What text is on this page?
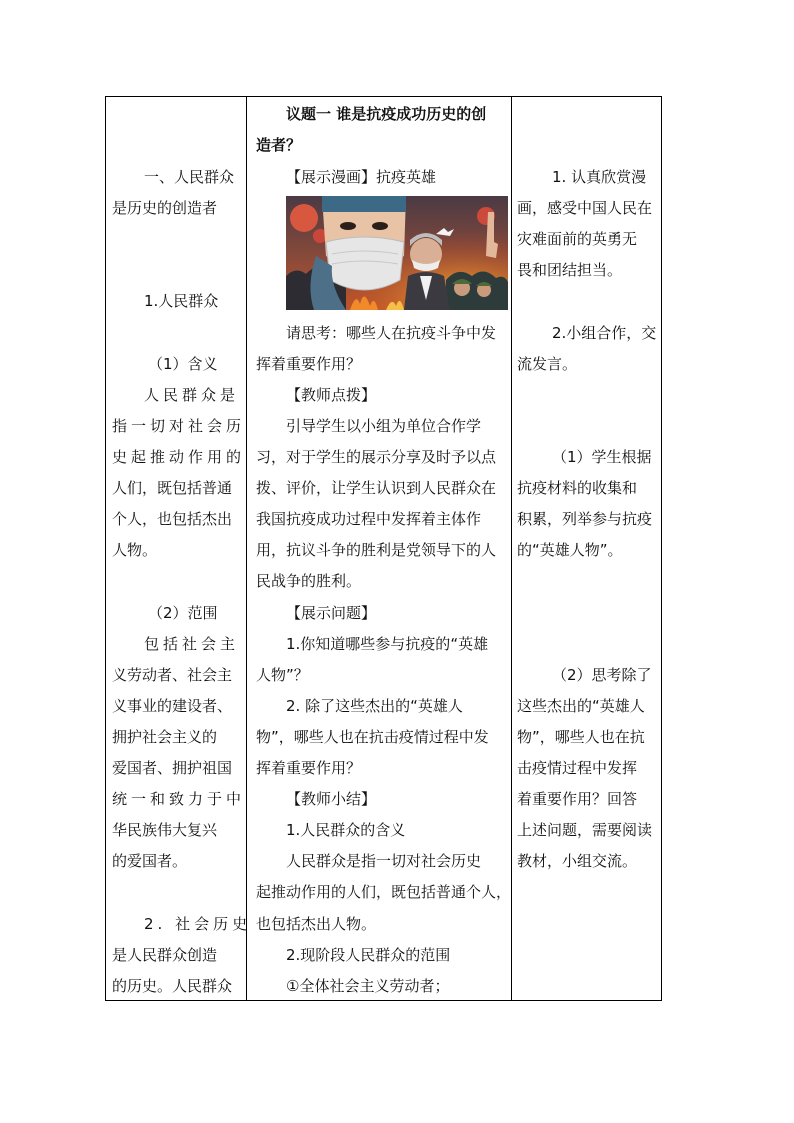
一、人民群众
是历史的创造者
1.人民群众
（1）含义
人民群众是
指一切对社会历
史起推动作用的
人们，既包括普通
个人，也包括杰出
人物。
（2）范围
包括社会主
义劳动者、社会主
义事业的建设者、
拥护社会主义的
爱国者、拥护祖国
统一和致力于中
华民族伟大复兴
的爱国者。
2. 社会历史
是人民群众创造
的历史。人民群众
议题一 谁是抗疫成功历史的创
造者？
【展示漫画】抗疫英雄
请思考：哪些人在抗疫斗争中发
挥着重要作用？
【教师点拨】
引导学生以小组为单位合作学
习，对于学生的展示分享及时予以点
拨、评价，让学生认识到人民群众在
我国抗疫成功过程中发挥着主体作
用，抗议斗争的胜利是党领导下的人
民战争的胜利。
【展示问题】
1.你知道哪些参与抗疫的“英雄
人物”？
2. 除了这些杰出的“英雄人
物”，哪些人也在抗击疫情过程中发
挥着重要作用？
【教师小结】
1.人民群众的含义
人民群众是指一切对社会历史
起推动作用的人们，既包括普通个人，
也包括杰出人物。
2.现阶段人民群众的范围
①全体社会主义劳动者；
1. 认真欣赏漫
画，感受中国人民在
灾难面前的英勇无
畏和团结担当。
2.小组合作，交
流发言。
（1）学生根据
抗疫材料的收集和
积累，列举参与抗疫
的“英雄人物”。
（2）思考除了
这些杰出的“英雄人
物”，哪些人也在抗
击疫情过程中发挥
着重要作用？回答
上述问题，需要阅读
教材，小组交流。
